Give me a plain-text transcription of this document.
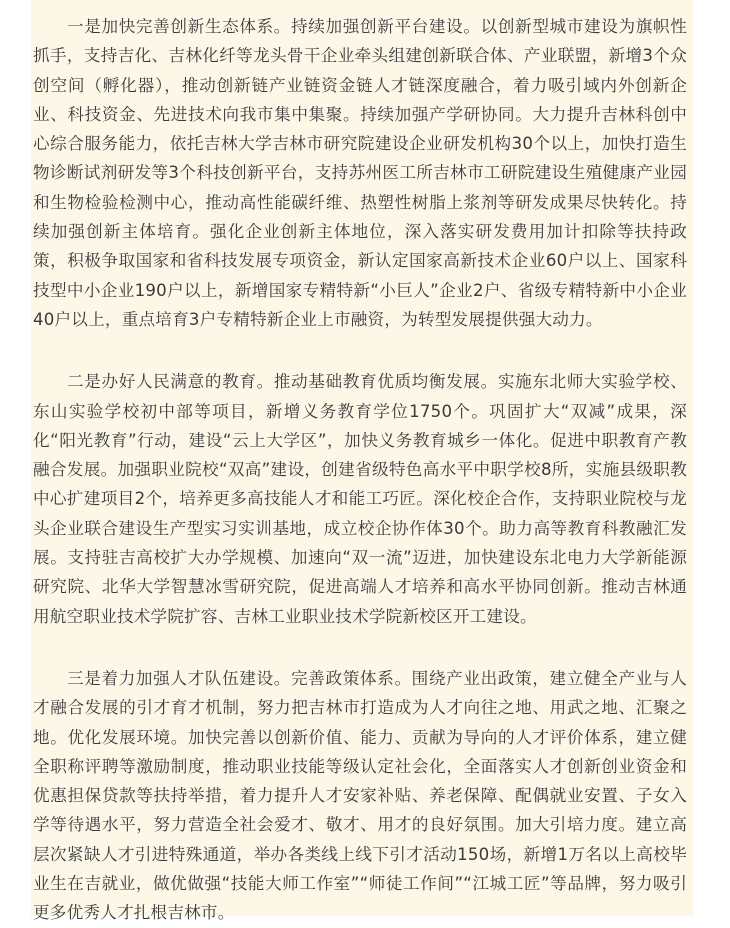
一是加快完善创新生态体系。持续加强创新平台建设。以创新型城市建设为旗帜性抓手，支持吉化、吉林化纤等龙头骨干企业牵头组建创新联合体、产业联盟，新增3个众创空间（孵化器），推动创新链产业链资金链人才链深度融合，着力吸引域内外创新企业、科技资金、先进技术向我市集中集聚。持续加强产学研协同。大力提升吉林科创中心综合服务能力，依托吉林大学吉林市研究院建设企业研发机构30个以上，加快打造生物诊断试剂研发等3个科技创新平台，支持苏州医工所吉林市工研院建设生殖健康产业园和生物检验检测中心，推动高性能碳纤维、热塑性树脂上浆剂等研发成果尽快转化。持续加强创新主体培育。强化企业创新主体地位，深入落实研发费用加计扣除等扶持政策，积极争取国家和省科技发展专项资金，新认定国家高新技术企业60户以上、国家科技型中小企业190户以上，新增国家专精特新“小巨人”企业2户、省级专精特新中小企业40户以上，重点培育3户专精特新企业上市融资，为转型发展提供强大动力。

二是办好人民满意的教育。推动基础教育优质均衡发展。实施东北师大实验学校、东山实验学校初中部等项目，新增义务教育学位1750个。巩固扩大“双减”成果，深化“阳光教育”行动，建设“云上大学区”，加快义务教育城乡一体化。促进中职教育产教融合发展。加强职业院校“双高”建设，创建省级特色高水平中职学校8所，实施县级职教中心扩建项目2个，培养更多高技能人才和能工巧匠。深化校企合作，支持职业院校与龙头企业联合建设生产型实习实训基地，成立校企协作体30个。助力高等教育科教融汇发展。支持驻吉高校扩大办学规模、加速向“双一流”迈进，加快建设东北电力大学新能源研究院、北华大学智慧冰雪研究院，促进高端人才培养和高水平协同创新。推动吉林通用航空职业技术学院扩容、吉林工业职业技术学院新校区开工建设。

三是着力加强人才队伍建设。完善政策体系。围绕产业出政策，建立健全产业与人才融合发展的引才育才机制，努力把吉林市打造成为人才向往之地、用武之地、汇聚之地。优化发展环境。加快完善以创新价值、能力、贡献为导向的人才评价体系，建立健全职称评聘等激励制度，推动职业技能等级认定社会化，全面落实人才创新创业资金和优惠担保贷款等扶持举措，着力提升人才安家补贴、养老保障、配偶就业安置、子女入学等待遇水平，努力营造全社会爱才、敬才、用才的良好氛围。加大引培力度。建立高层次紧缺人才引进特殊通道，举办各类线上线下引才活动150场，新增1万名以上高校毕业生在吉就业，做优做强“技能大师工作室”“师徒工作间”“江城工匠”等品牌，努力吸引更多优秀人才扎根吉林市。
